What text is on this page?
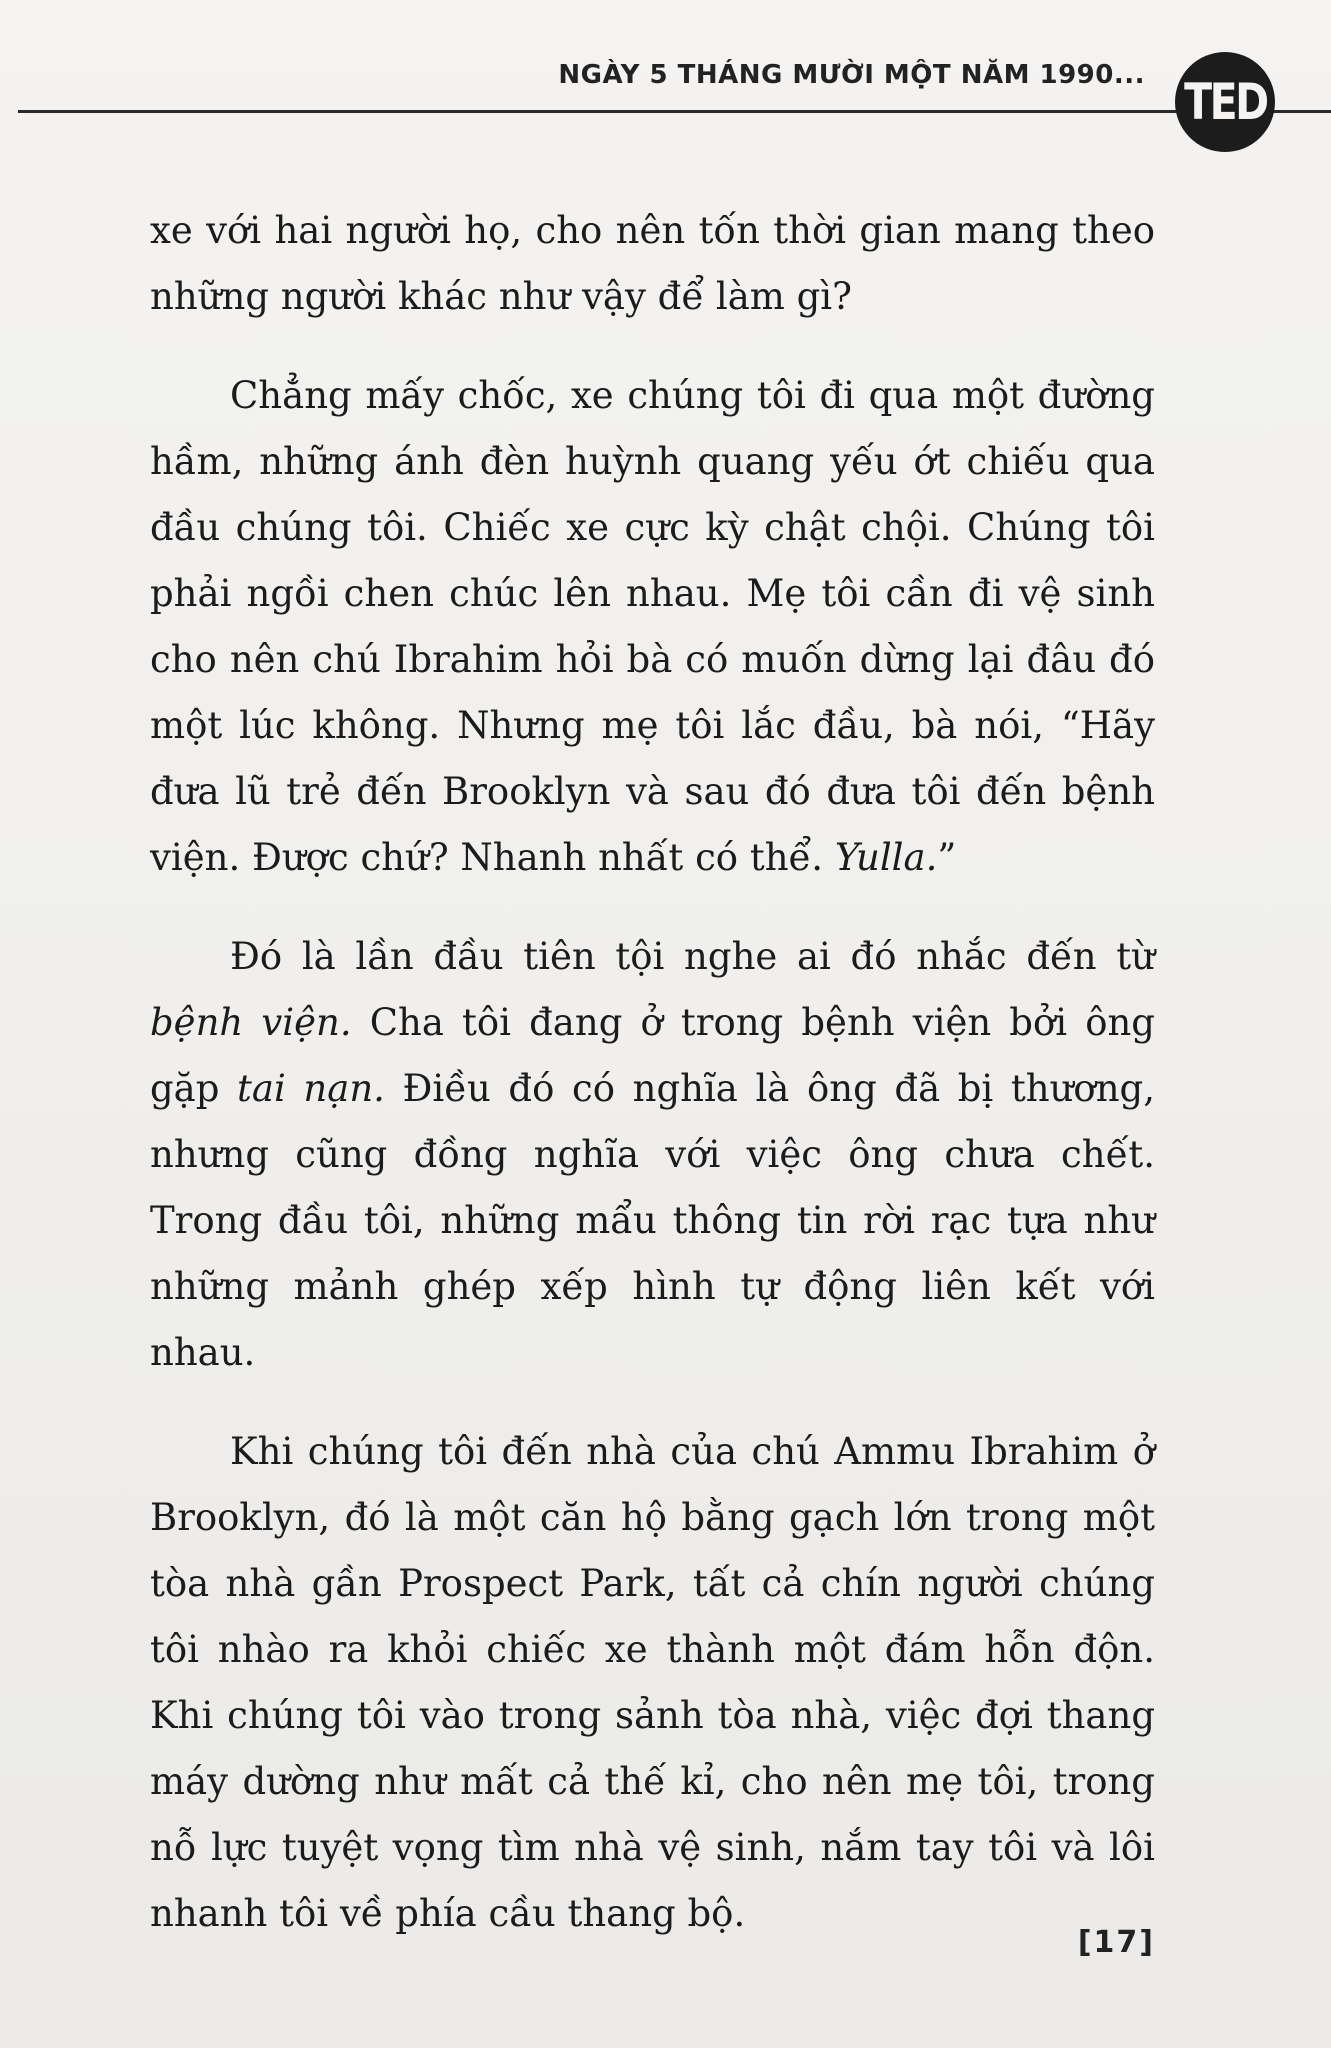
NGÀY 5 THÁNG MƯỜI MỘT NĂM 1990... TED

xe với hai người họ, cho nên tốn thời gian mang theo những người khác như vậy để làm gì?

Chẳng mấy chốc, xe chúng tôi đi qua một đường hầm, những ánh đèn huỳnh quang yếu ớt chiếu qua đầu chúng tôi. Chiếc xe cực kỳ chật chội. Chúng tôi phải ngồi chen chúc lên nhau. Mẹ tôi cần đi vệ sinh cho nên chú Ibrahim hỏi bà có muốn dừng lại đâu đó một lúc không. Nhưng mẹ tôi lắc đầu, bà nói, “Hãy đưa lũ trẻ đến Brooklyn và sau đó đưa tôi đến bệnh viện. Được chứ? Nhanh nhất có thể. Yulla.”

Đó là lần đầu tiên tội nghe ai đó nhắc đến từ bệnh viện. Cha tôi đang ở trong bệnh viện bởi ông gặp tai nạn. Điều đó có nghĩa là ông đã bị thương, nhưng cũng đồng nghĩa với việc ông chưa chết. Trong đầu tôi, những mẩu thông tin rời rạc tựa như những mảnh ghép xếp hình tự động liên kết với nhau.

Khi chúng tôi đến nhà của chú Ammu Ibrahim ở Brooklyn, đó là một căn hộ bằng gạch lớn trong một tòa nhà gần Prospect Park, tất cả chín người chúng tôi nhào ra khỏi chiếc xe thành một đám hỗn độn. Khi chúng tôi vào trong sảnh tòa nhà, việc đợi thang máy dường như mất cả thế kỉ, cho nên mẹ tôi, trong nỗ lực tuyệt vọng tìm nhà vệ sinh, nắm tay tôi và lôi nhanh tôi về phía cầu thang bộ.

[17]
